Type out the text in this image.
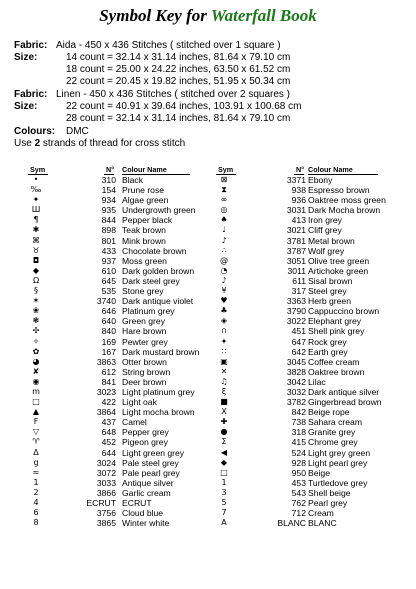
Symbol Key for Waterfall Book
Fabric: Aida - 450 x 436 Stitches ( stitched over 1 square )
Size:	14 count = 32.14 x 31.14 inches, 81.64 x 79.10 cm
18 count = 25.00 x 24.22 inches, 63.50 x 61.52 cm
22 count = 20.45 x 19.82 inches, 51.95 x 50.34 cm
Fabric: Linen - 450 x 436 Stitches ( stitched over 2 squares )
Size:	22 count = 40.91 x 39.64 inches, 103.91 x 100.68 cm
28 count = 32.14 x 31.14 inches, 81.64 x 79.10 cm
Colours: DMC
Use 2 strands of thread for cross stitch
Sym	N° Colour Name	Sym	N° Colour Name
•	310 Black
‰	154 Prune rose
✦	934 Algae green
Ш	935 Undergrowth green
¶	844 Pepper black
✱	898 Teak brown
⌘	801 Mink brown
♉	433 Chocolate brown
◘	937 Moss green
◆	610 Dark golden brown
Ω	645 Dark steel grey
§	535 Stone grey
✶	3740 Dark antique violet
❀	646 Platinum grey
❃	640 Green grey
✣	840 Hare brown
✧	169 Pewter grey
✿	167 Dark mustard brown
◕	3863 Otter brown
✘	612 String brown
◉	841 Deer brown
m	3023 Light platinum grey
□	422 Light oak
▲	3864 Light mocha brown
F	437 Camel
▽	648 Pepper grey
♈	452 Pigeon grey
Δ	644 Light green grey
g	3024 Pale steel grey
≈	3072 Pale pearl grey
1	3033 Antique silver
2	3866 Garlic cream
4	ECRUT ECRUT
6	3756 Cloud blue
8	3865 Winter white
⊠	3371 Ebony
⧗	938 Espresso brown
∞	936 Oaktree moss green
◎	3031 Dark Mocha brown
♠	413 Iron grey
♩	3021 Cliff grey
♪	3781 Metal brown
∴	3787 Wolf grey
@	3051 Olive tree green
◔	3011 Artichoke green
♪	611 Sisal brown
¥	317 Steel grey
♥	3363 Herb green
♣	3790 Cappuccino brown
◈	3022 Elephant grey
∩	451 Shell pink grey
✦	647 Rock grey
∷	642 Earth grey
▣	3045 Coffee cream
✕	3828 Oaktree brown
♫	3042 Lilac
ξ	3032 Dark antique silver
■	3782 Gingerbread brown
X	842 Beige rope
✚	738 Sahara cream
●	318 Granite grey
Σ	415 Chrome grey
◀	524 Light grey green
◆	928 Light pearl grey
□	950 Beige
1	453 Turtledove grey
3	543 Shell beige
5	762 Pearl grey
7	712 Cream
A	BLANC BLANC
